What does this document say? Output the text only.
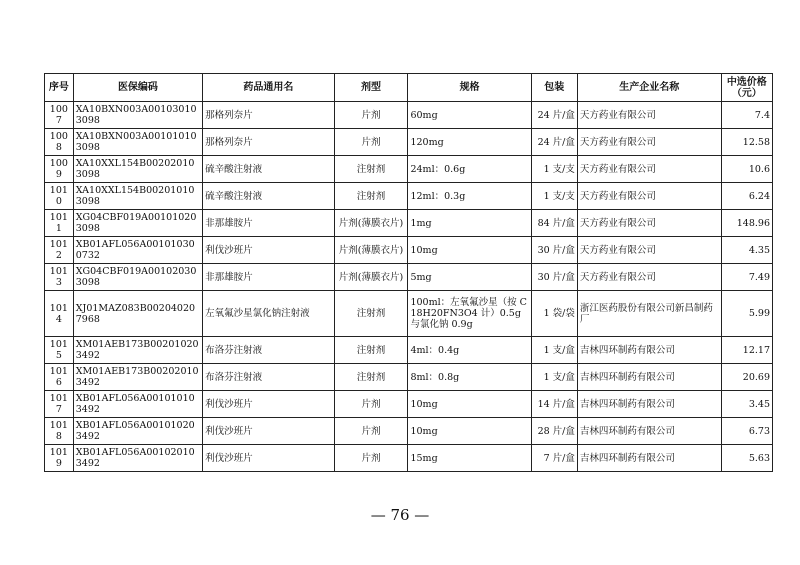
序号	医保编码	药品通用名	剂型	规格	包装	生产企业名称	中选价格（元）
1007	XA10BXN003A001030103098	那格列奈片	片剂	60mg	24 片/盒	天方药业有限公司	7.4
1008	XA10BXN003A001010103098	那格列奈片	片剂	120mg	24 片/盒	天方药业有限公司	12.58
1009	XA10XXL154B002020103098	硫辛酸注射液	注射剂	24ml：0.6g	1 支/支	天方药业有限公司	10.6
1010	XA10XXL154B002010103098	硫辛酸注射液	注射剂	12ml：0.3g	1 支/支	天方药业有限公司	6.24
1011	XG04CBF019A001010203098	非那雄胺片	片剂(薄膜衣片)	1mg	84 片/盒	天方药业有限公司	148.96
1012	XB01AFL056A001010300732	利伐沙班片	片剂(薄膜衣片)	10mg	30 片/盒	天方药业有限公司	4.35
1013	XG04CBF019A001020303098	非那雄胺片	片剂(薄膜衣片)	5mg	30 片/盒	天方药业有限公司	7.49
1014	XJ01MAZ083B002040207968	左氧氟沙星氯化钠注射液	注射剂	100ml：左氧氟沙星（按 C18H20FN3O4 计）0.5g 与氯化钠 0.9g	1 袋/袋	浙江医药股份有限公司新昌制药厂	5.99
1015	XM01AEB173B002010203492	布洛芬注射液	注射剂	4ml：0.4g	1 支/盒	吉林四环制药有限公司	12.17
1016	XM01AEB173B002020103492	布洛芬注射液	注射剂	8ml：0.8g	1 支/盒	吉林四环制药有限公司	20.69
1017	XB01AFL056A001010103492	利伐沙班片	片剂	10mg	14 片/盒	吉林四环制药有限公司	3.45
1018	XB01AFL056A001010203492	利伐沙班片	片剂	10mg	28 片/盒	吉林四环制药有限公司	6.73
1019	XB01AFL056A001020103492	利伐沙班片	片剂	15mg	7 片/盒	吉林四环制药有限公司	5.63
— 76 —
